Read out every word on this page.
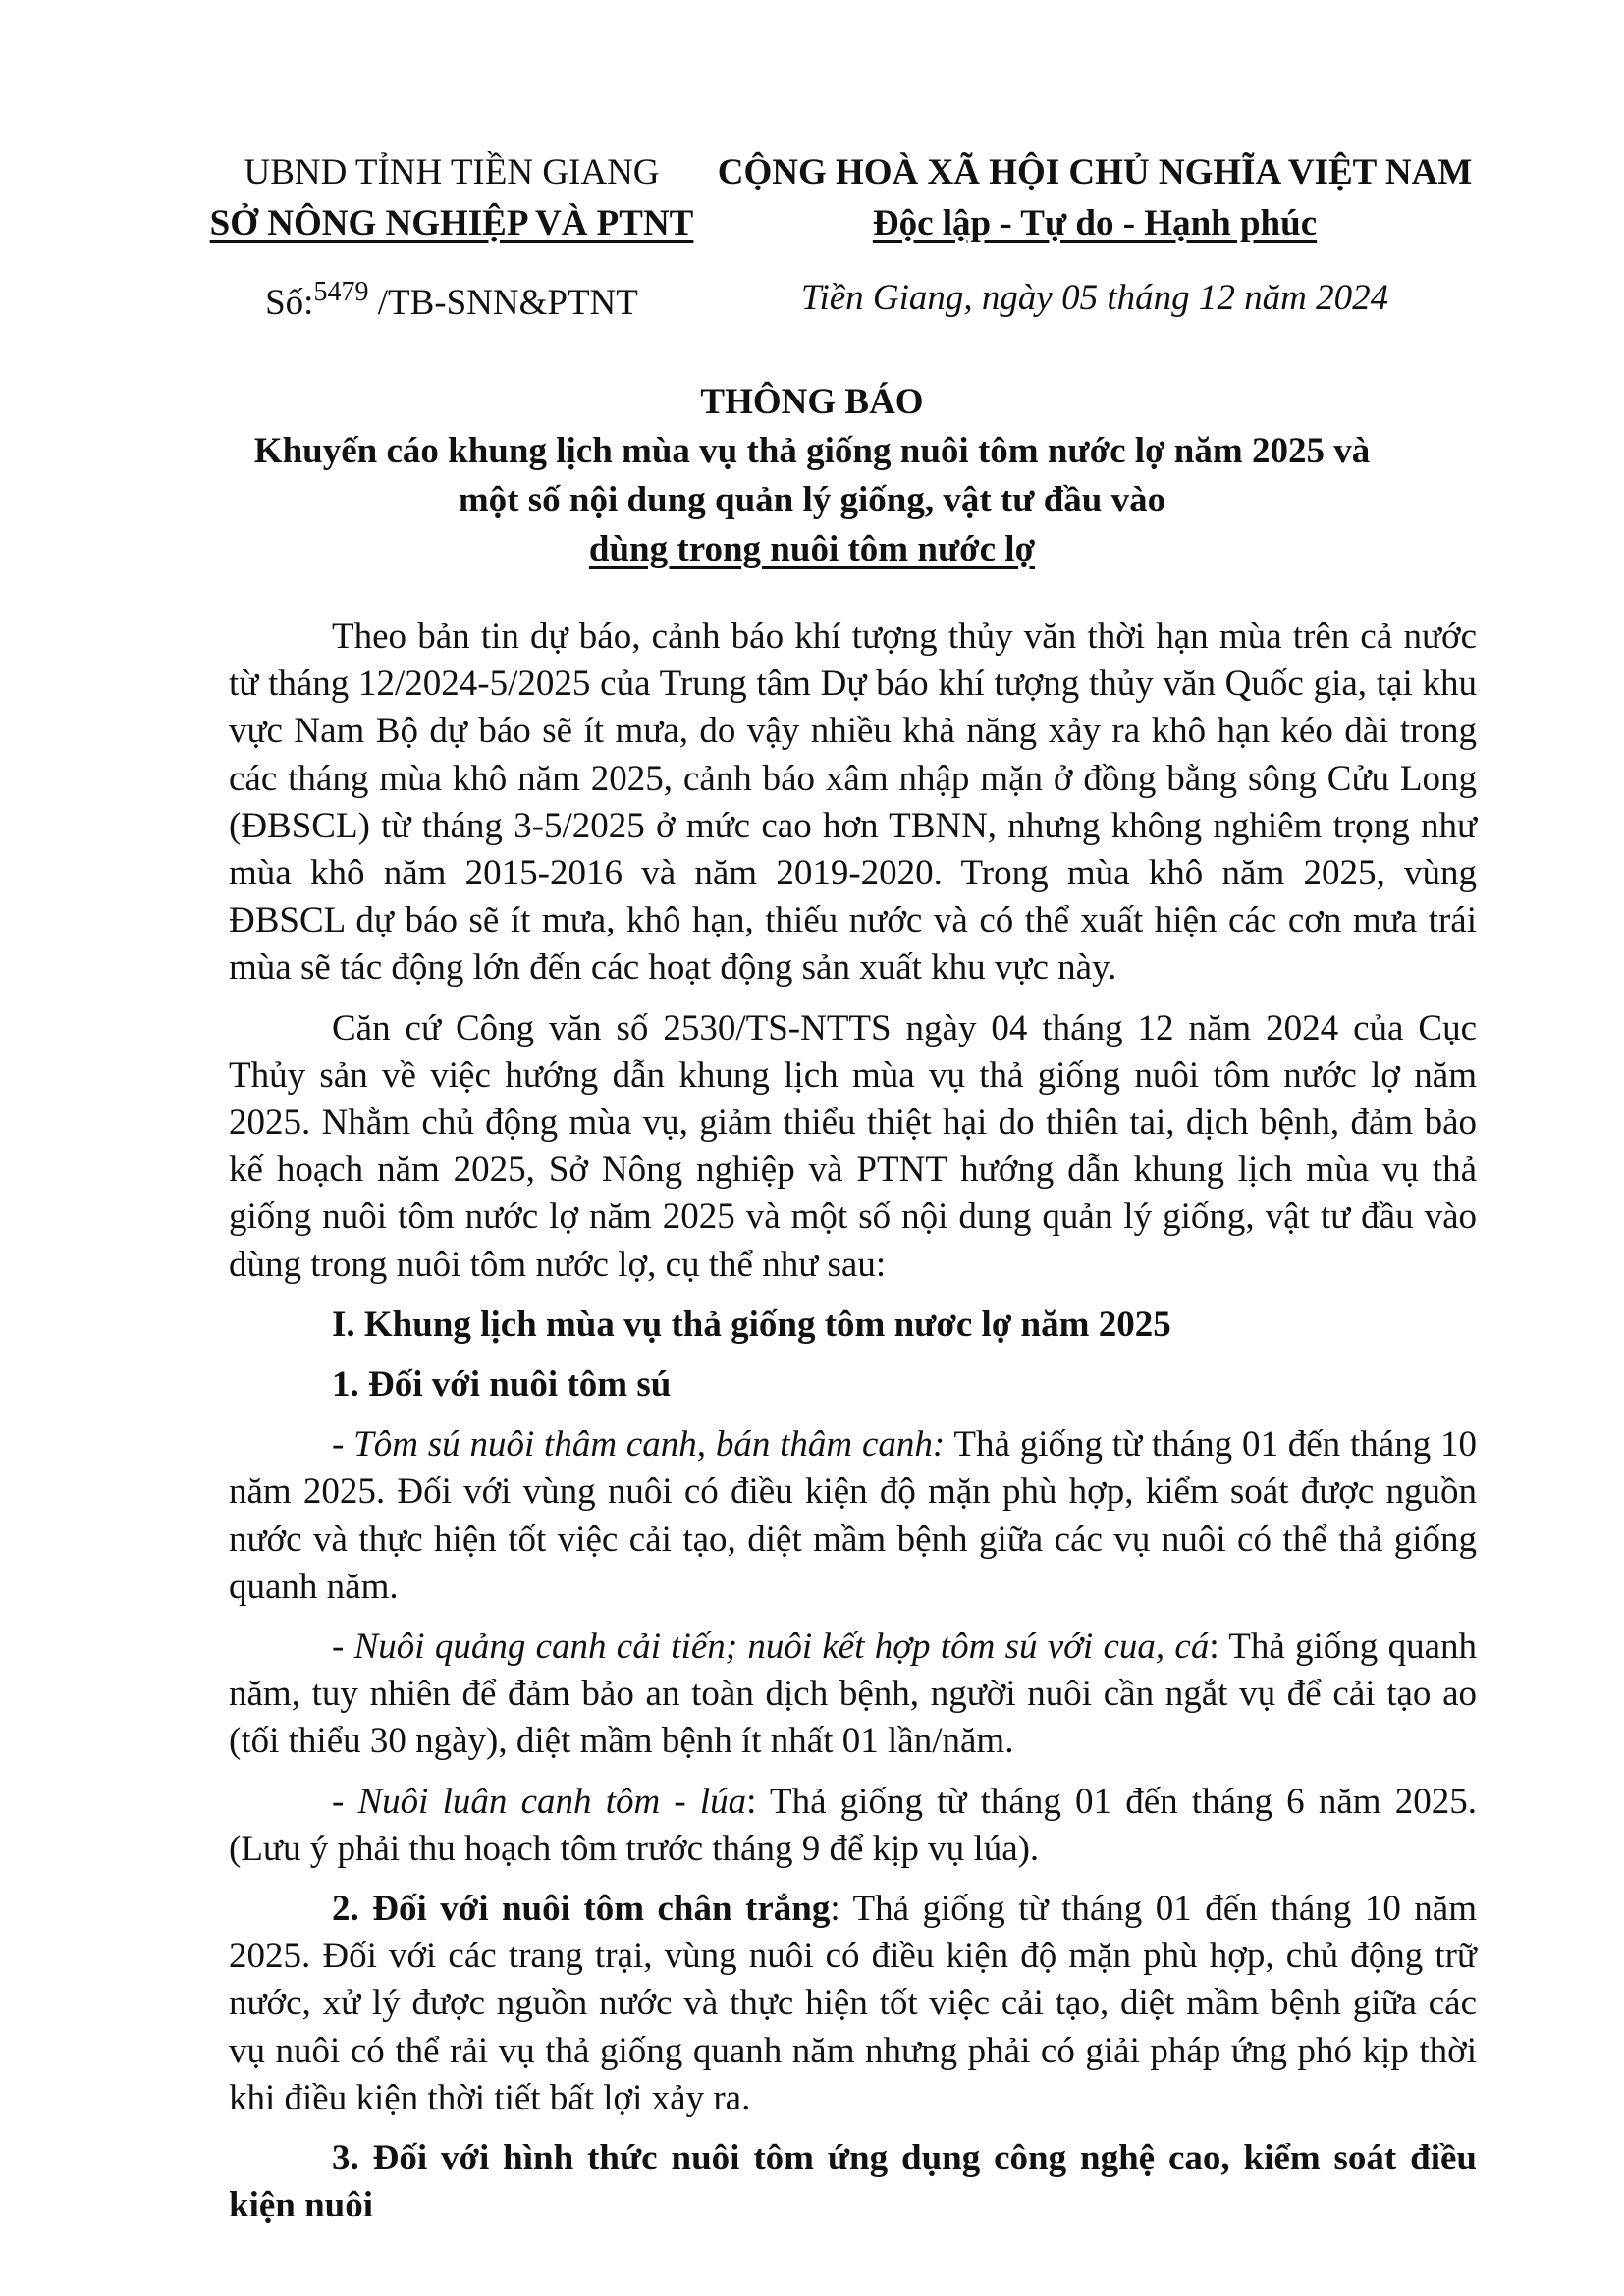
UBND TỈNH TIỀN GIANG
SỞ NÔNG NGHIỆP VÀ PTNT
CỘNG HOÀ XÃ HỘI CHỦ NGHĨA VIỆT NAM
Độc lập - Tự do - Hạnh phúc
Số:$^{5479}$ /TB-SNN&PTNT	Tiền Giang, ngày 05 tháng 12 năm 2024
THÔNG BÁO
Khuyến cáo khung lịch mùa vụ thả giống nuôi tôm nước lợ năm 2025 và
một số nội dung quản lý giống, vật tư đầu vào
dùng trong nuôi tôm nước lợ

Theo bản tin dự báo, cảnh báo khí tượng thủy văn thời hạn mùa trên cả nước từ tháng 12/2024-5/2025 của Trung tâm Dự báo khí tượng thủy văn Quốc gia, tại khu vực Nam Bộ dự báo sẽ ít mưa, do vậy nhiều khả năng xảy ra khô hạn kéo dài trong các tháng mùa khô năm 2025, cảnh báo xâm nhập mặn ở đồng bằng sông Cửu Long (ĐBSCL) từ tháng 3-5/2025 ở mức cao hơn TBNN, nhưng không nghiêm trọng như mùa khô năm 2015-2016 và năm 2019-2020. Trong mùa khô năm 2025, vùng ĐBSCL dự báo sẽ ít mưa, khô hạn, thiếu nước và có thể xuất hiện các cơn mưa trái mùa sẽ tác động lớn đến các hoạt động sản xuất khu vực này.

Căn cứ Công văn số 2530/TS-NTTS ngày 04 tháng 12 năm 2024 của Cục Thủy sản về việc hướng dẫn khung lịch mùa vụ thả giống nuôi tôm nước lợ năm 2025. Nhằm chủ động mùa vụ, giảm thiểu thiệt hại do thiên tai, dịch bệnh, đảm bảo kế hoạch năm 2025, Sở Nông nghiệp và PTNT hướng dẫn khung lịch mùa vụ thả giống nuôi tôm nước lợ năm 2025 và một số nội dung quản lý giống, vật tư đầu vào dùng trong nuôi tôm nước lợ, cụ thể như sau:

I. Khung lịch mùa vụ thả giống tôm nươc lợ năm 2025

1. Đối với nuôi tôm sú

- Tôm sú nuôi thâm canh, bán thâm canh: Thả giống từ tháng 01 đến tháng 10 năm 2025. Đối với vùng nuôi có điều kiện độ mặn phù hợp, kiểm soát được nguồn nước và thực hiện tốt việc cải tạo, diệt mầm bệnh giữa các vụ nuôi có thể thả giống quanh năm.

- Nuôi quảng canh cải tiến; nuôi kết hợp tôm sú với cua, cá: Thả giống quanh năm, tuy nhiên để đảm bảo an toàn dịch bệnh, người nuôi cần ngắt vụ để cải tạo ao (tối thiểu 30 ngày), diệt mầm bệnh ít nhất 01 lần/năm.

- Nuôi luân canh tôm - lúa: Thả giống từ tháng 01 đến tháng 6 năm 2025. (Lưu ý phải thu hoạch tôm trước tháng 9 để kịp vụ lúa).

2. Đối với nuôi tôm chân trắng: Thả giống từ tháng 01 đến tháng 10 năm 2025. Đối với các trang trại, vùng nuôi có điều kiện độ mặn phù hợp, chủ động trữ nước, xử lý được nguồn nước và thực hiện tốt việc cải tạo, diệt mầm bệnh giữa các vụ nuôi có thể rải vụ thả giống quanh năm nhưng phải có giải pháp ứng phó kịp thời khi điều kiện thời tiết bất lợi xảy ra.

3. Đối với hình thức nuôi tôm ứng dụng công nghệ cao, kiểm soát điều kiện nuôi
